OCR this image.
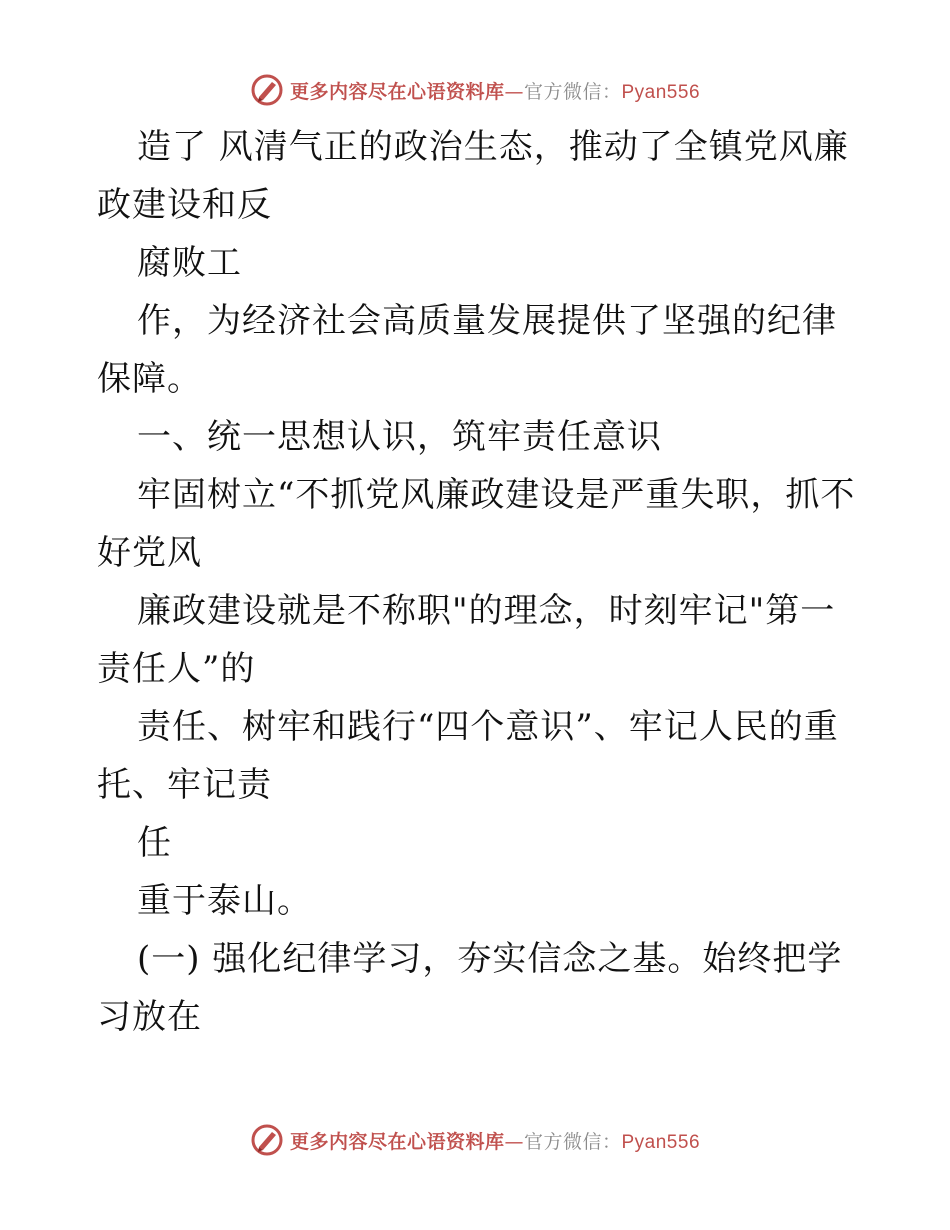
更多内容尽在心语资料库—官方微信：Pyan556

造了 风清气正的政治生态，推动了全镇党风廉政建设和反

腐败工

作，为经济社会高质量发展提供了坚强的纪律保障。

一、统一思想认识，筑牢责任意识

牢固树立“不抓党风廉政建设是严重失职，抓不好党风

廉政建设就是不称职"的理念，时刻牢记"第一责任人”的

责任、树牢和践行“四个意识”、牢记人民的重托、牢记责

任

重于泰山。

(一) 强化纪律学习，夯实信念之基。始终把学习放在

更多内容尽在心语资料库—官方微信：Pyan556
